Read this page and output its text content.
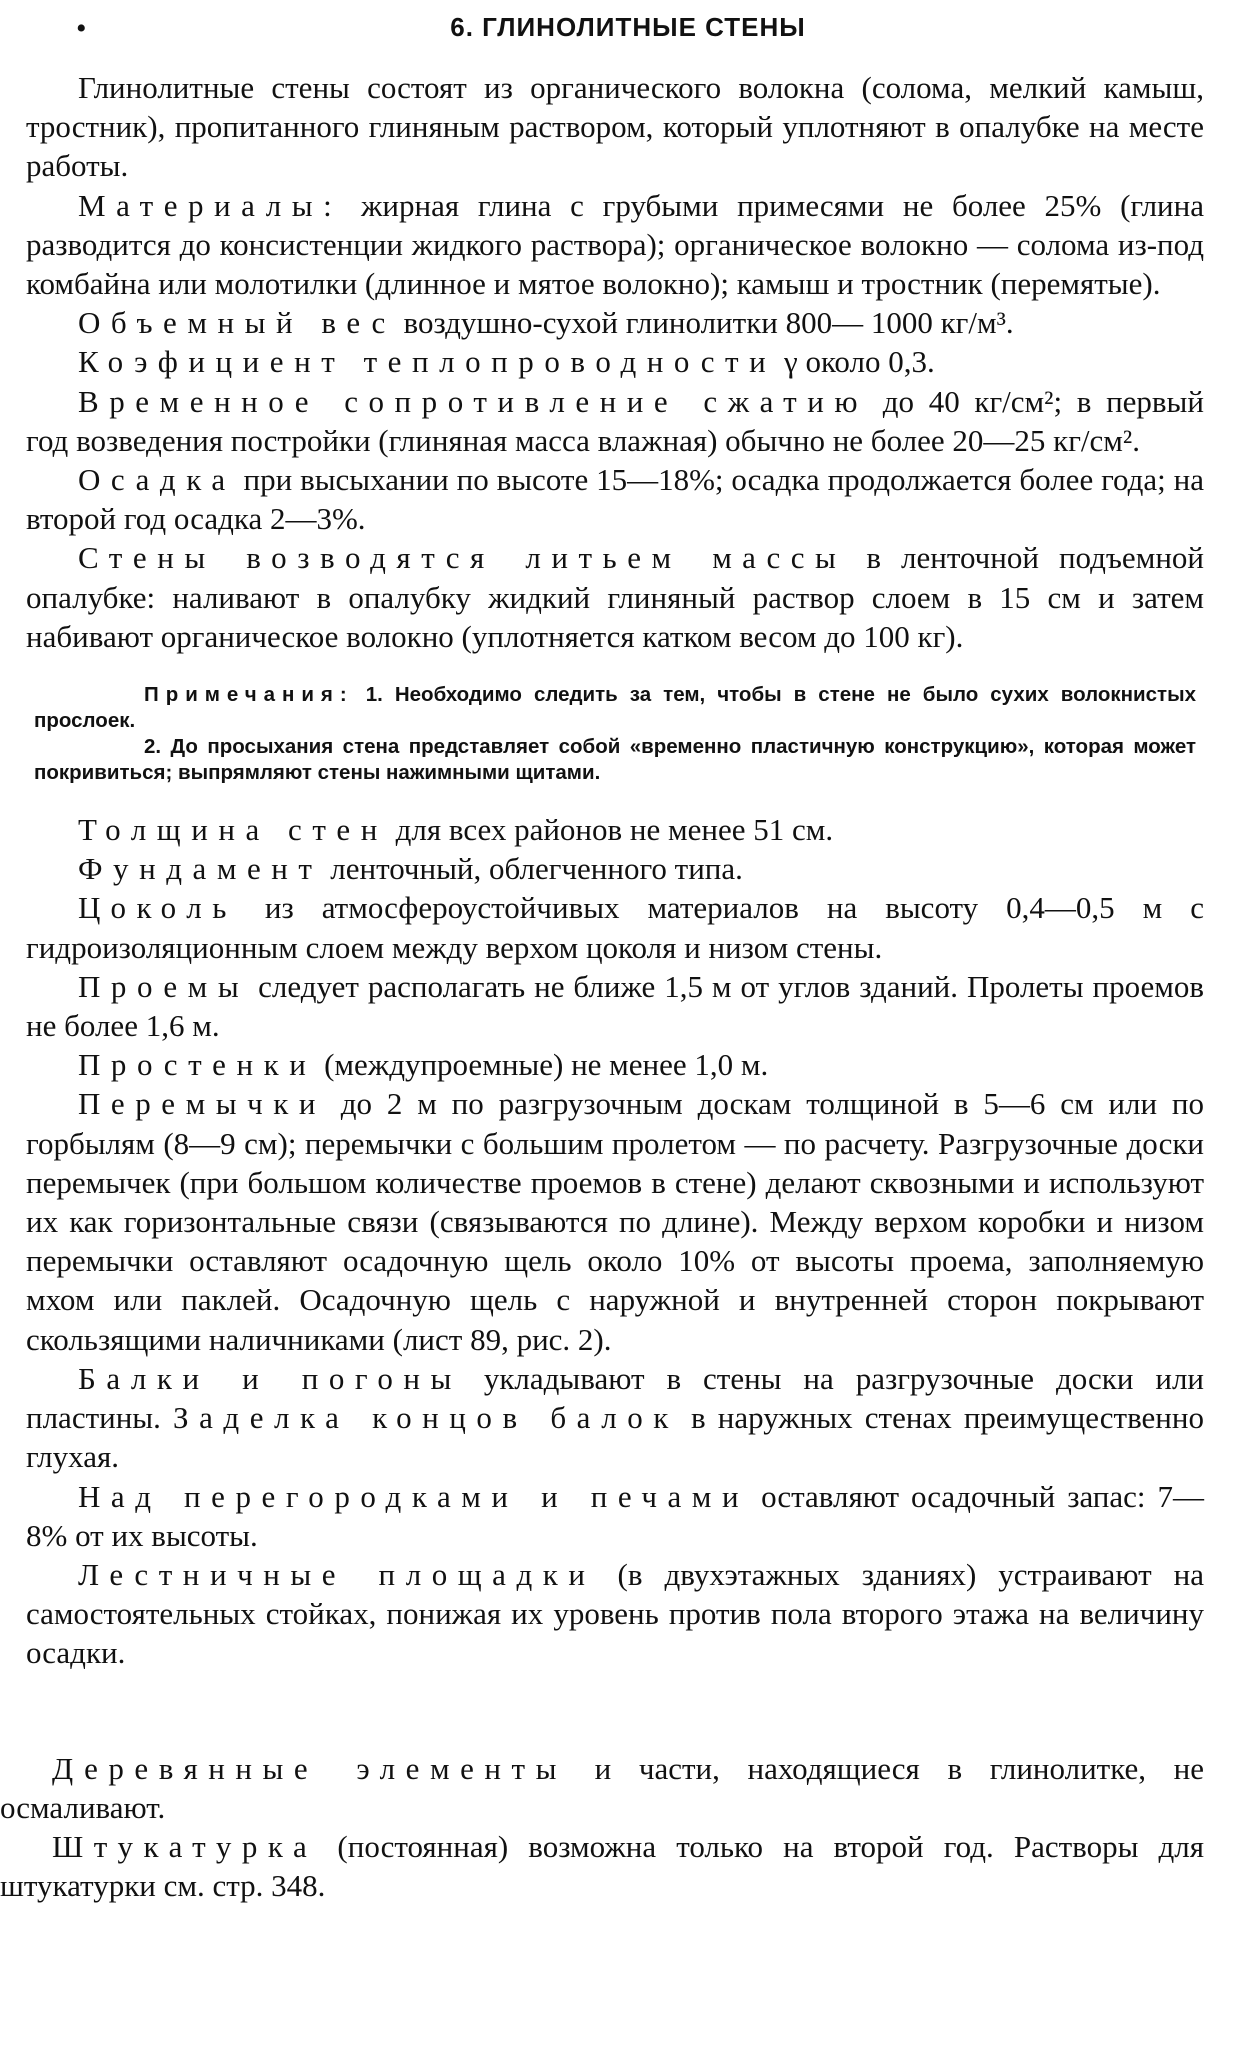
•	6. ГЛИНОЛИТНЫЕ СТЕНЫ

Глинолитные стены состоят из органического волокна (солома, мелкий камыш, тростник), пропитанного глиняным раствором, который уплотняют в опалубке на месте работы.

Материалы: жирная глина с грубыми примесями не более 25% (глина разводится до консистенции жидкого раствора); органическое волокно — солома из-под комбайна или молотилки (длинное и мятое волокно); камыш и тростник (перемятые).

Объемный вес воздушно-сухой глинолитки 800— 1000 кг/м³.

Коэфициент теплопроводности γ около 0,3.

Временное сопротивление сжатию до 40 кг/см²; в первый год возведения постройки (глиняная масса влажная) обычно не более 20—25 кг/см².

Осадка при высыхании по высоте 15—18%; осадка продолжается более года; на второй год осадка 2—3%.

Стены возводятся литьем массы в ленточной подъемной опалубке: наливают в опалубку жидкий глиняный раствор слоем в 15 см и затем набивают органическое волокно (уплотняется катком весом до 100 кг).

Примечания: 1. Необходимо следить за тем, чтобы в стене не было сухих волокнистых прослоек.

2. До просыхания стена представляет собой «временно пластичную конструкцию», которая может покривиться; выпрямляют стены нажимными щитами.

Толщина стен для всех районов не менее 51 см.

Фундамент ленточный, облегченного типа.

Цоколь из атмосфероустойчивых материалов на высоту 0,4—0,5 м с гидроизоляционным слоем между верхом цоколя и низом стены.

Проемы следует располагать не ближе 1,5 м от углов зданий. Пролеты проемов не более 1,6 м.

Простенки (междупроемные) не менее 1,0 м.

Перемычки до 2 м по разгрузочным доскам толщиной в 5—6 см или по горбылям (8—9 см); перемычки с большим пролетом — по расчету. Разгрузочные доски перемычек (при большом количестве проемов в стене) делают сквозными и используют их как горизонтальные связи (связываются по длине). Между верхом коробки и низом перемычки оставляют осадочную щель около 10% от высоты проема, заполняемую мхом или паклей. Осадочную щель с наружной и внутренней сторон покрывают скользящими наличниками (лист 89, рис. 2).

Балки и погоны укладывают в стены на разгрузочные доски или пластины. Заделка концов балок в наружных стенах преимущественно глухая.

Над перегородками и печами оставляют осадочный запас: 7—8% от их высоты.

Лестничные площадки (в двухэтажных зданиях) устраивают на самостоятельных стойках, понижая их уровень против пола второго этажа на величину осадки.

Деревянные элементы и части, находящиеся в глинолитке, не осмаливают.

Штукатурка (постоянная) возможна только на второй год. Растворы для штукатурки см. стр. 348.
